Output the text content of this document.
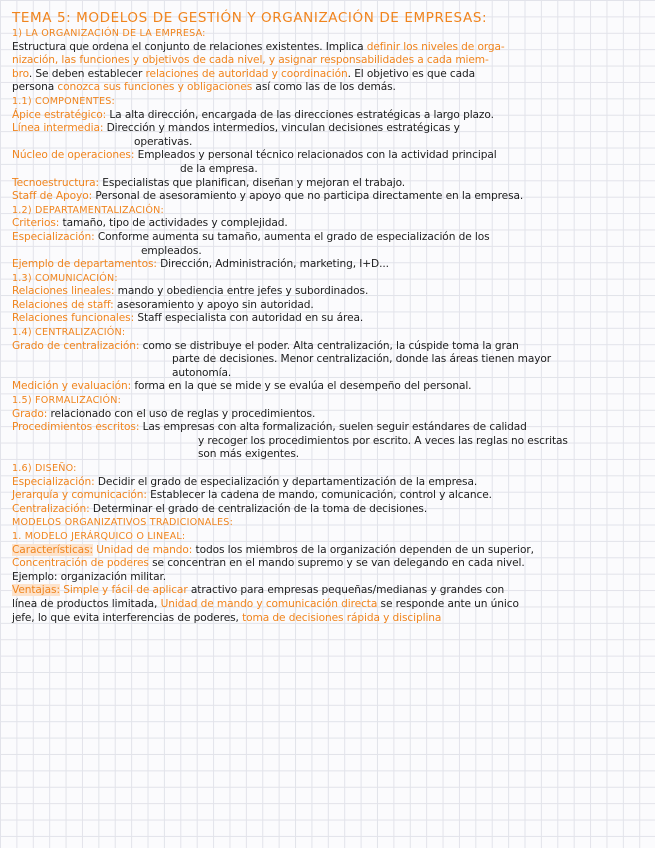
TEMA 5: MODELOS DE GESTIÓN Y ORGANIZACIÓN DE EMPRESAS:
1) LA ORGANIZACIÓN DE LA EMPRESA:
Estructura que ordena el conjunto de relaciones existentes. Implica definir los niveles de orga-
nización, las funciones y objetivos de cada nivel, y asignar responsabilidades a cada miem-
bro. Se deben establecer relaciones de autoridad y coordinación. El objetivo es que cada
persona conozca sus funciones y obligaciones así como las de los demás.
1.1) COMPONENTES:
Ápice estratégico: La alta dirección, encargada de las direcciones estratégicas a largo plazo.
Línea intermedia: Dirección y mandos intermedios, vinculan decisiones estratégicas y
operativas.
Núcleo de operaciones: Empleados y personal técnico relacionados con la actividad principal
de la empresa.
Tecnoestructura: Especialistas que planifican, diseñan y mejoran el trabajo.
Staff de Apoyo: Personal de asesoramiento y apoyo que no participa directamente en la empresa.
1.2) DEPARTAMENTALIZACIÓN:
Criterios: tamaño, tipo de actividades y complejidad.
Especialización: Conforme aumenta su tamaño, aumenta el grado de especialización de los
empleados.
Ejemplo de departamentos: Dirección, Administración, marketing, I+D...
1.3) COMUNICACIÓN:
Relaciones lineales: mando y obediencia entre jefes y subordinados.
Relaciones de staff: asesoramiento y apoyo sin autoridad.
Relaciones funcionales: Staff especialista con autoridad en su área.
1.4) CENTRALIZACIÓN:
Grado de centralización: como se distribuye el poder. Alta centralización, la cúspide toma la gran
parte de decisiones. Menor centralización, donde las áreas tienen mayor
autonomía.
Medición y evaluación: forma en la que se mide y se evalúa el desempeño del personal.
1.5) FORMALIZACIÓN:
Grado: relacionado con el uso de reglas y procedimientos.
Procedimientos escritos: Las empresas con alta formalización, suelen seguir estándares de calidad
y recoger los procedimientos por escrito. A veces las reglas no escritas
son más exigentes.
1.6) DISEÑO:
Especialización: Decidir el grado de especialización y departamentización de la empresa.
Jerarquía y comunicación: Establecer la cadena de mando, comunicación, control y alcance.
Centralización: Determinar el grado de centralización de la toma de decisiones.
MODELOS ORGANIZATIVOS TRADICIONALES:
1. MODELO JERÁRQUICO O LINEAL:
Características: Unidad de mando: todos los miembros de la organización dependen de un superior,
Concentración de poderes se concentran en el mando supremo y se van delegando en cada nivel.
Ejemplo: organización militar.
Ventajas: Simple y fácil de aplicar atractivo para empresas pequeñas/medianas y grandes con
línea de productos limitada, Unidad de mando y comunicación directa se responde ante un único
jefe, lo que evita interferencias de poderes, toma de decisiones rápida y disciplina
